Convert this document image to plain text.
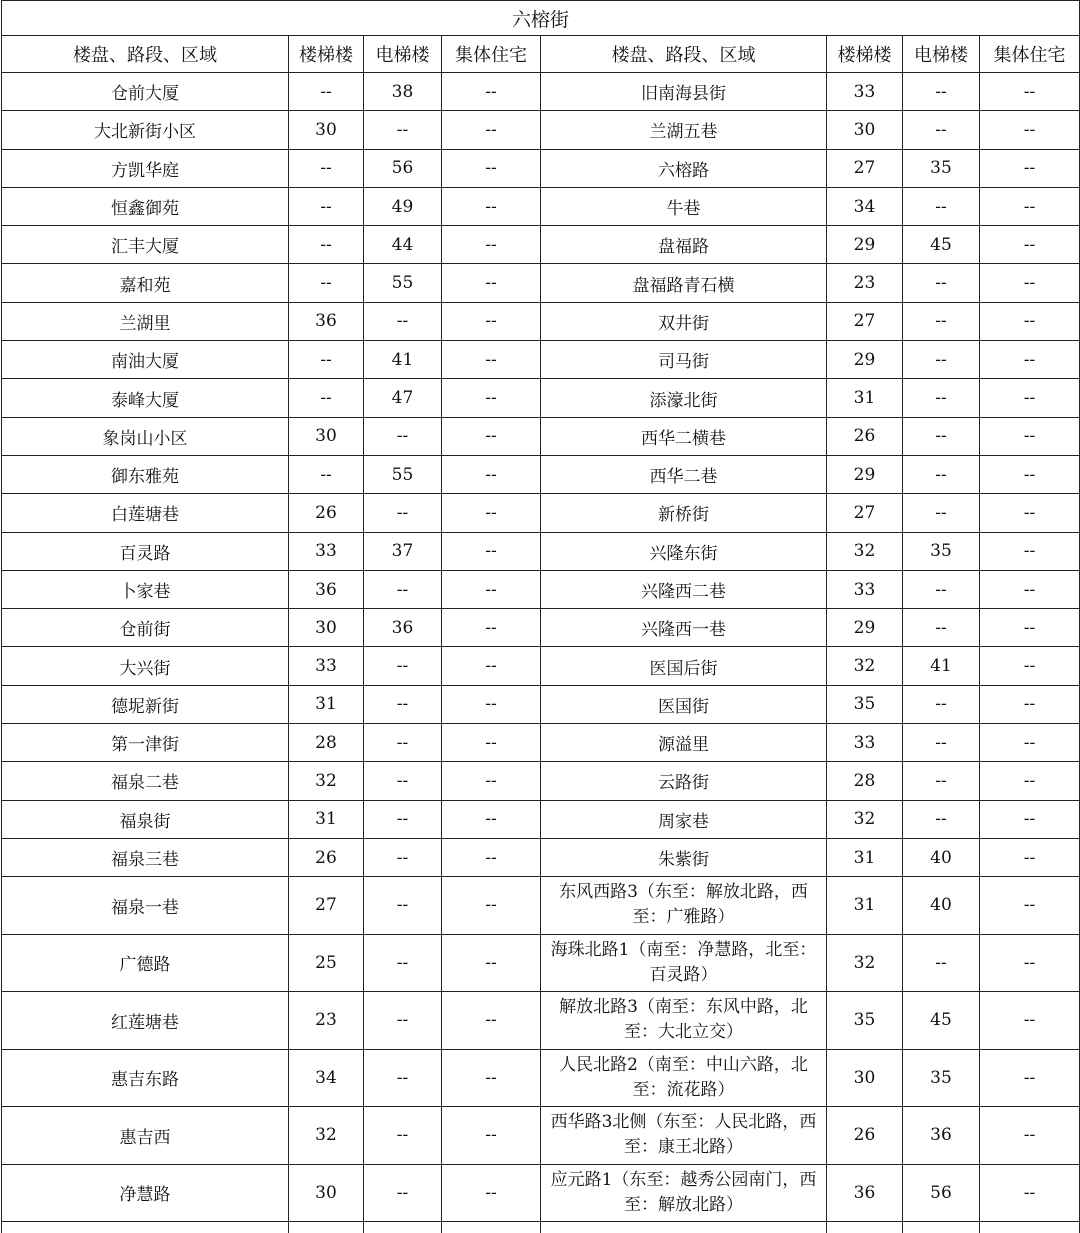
六榕街							
楼盘、路段、区域	楼梯楼	电梯楼	集体住宅	楼盘、路段、区域	楼梯楼	电梯楼	集体住宅
仓前大厦	--	38	--	旧南海县街	33	--	--
大北新街小区	30	--	--	兰湖五巷	30	--	--
方凯华庭	--	56	--	六榕路	27	35	--
恒鑫御苑	--	49	--	牛巷	34	--	--
汇丰大厦	--	44	--	盘福路	29	45	--
嘉和苑	--	55	--	盘福路青石横	23	--	--
兰湖里	36	--	--	双井街	27	--	--
南油大厦	--	41	--	司马街	29	--	--
泰峰大厦	--	47	--	添濠北街	31	--	--
象岗山小区	30	--	--	西华二横巷	26	--	--
御东雅苑	--	55	--	西华二巷	29	--	--
白莲塘巷	26	--	--	新桥街	27	--	--
百灵路	33	37	--	兴隆东街	32	35	--
卜家巷	36	--	--	兴隆西二巷	33	--	--
仓前街	30	36	--	兴隆西一巷	29	--	--
大兴街	33	--	--	医国后街	32	41	--
德坭新街	31	--	--	医国街	35	--	--
第一津街	28	--	--	源溢里	33	--	--
福泉二巷	32	--	--	云路街	28	--	--
福泉街	31	--	--	周家巷	32	--	--
福泉三巷	26	--	--	朱紫街	31	40	--
福泉一巷	27	--	--	东风西路3（东至：解放北路，西至：广雅路）	31	40	--
广德路	25	--	--	海珠北路1（南至：净慧路，北至：百灵路）	32	--	--
红莲塘巷	23	--	--	解放北路3（南至：东风中路，北至：大北立交）	35	45	--
惠吉东路	34	--	--	人民北路2（南至：中山六路，北至：流花路）	30	35	--
惠吉西	32	--	--	西华路3北侧（东至：人民北路，西至：康王北路）	26	36	--
净慧路	30	--	--	应元路1（东至：越秀公园南门，西至：解放北路）	36	56	--
